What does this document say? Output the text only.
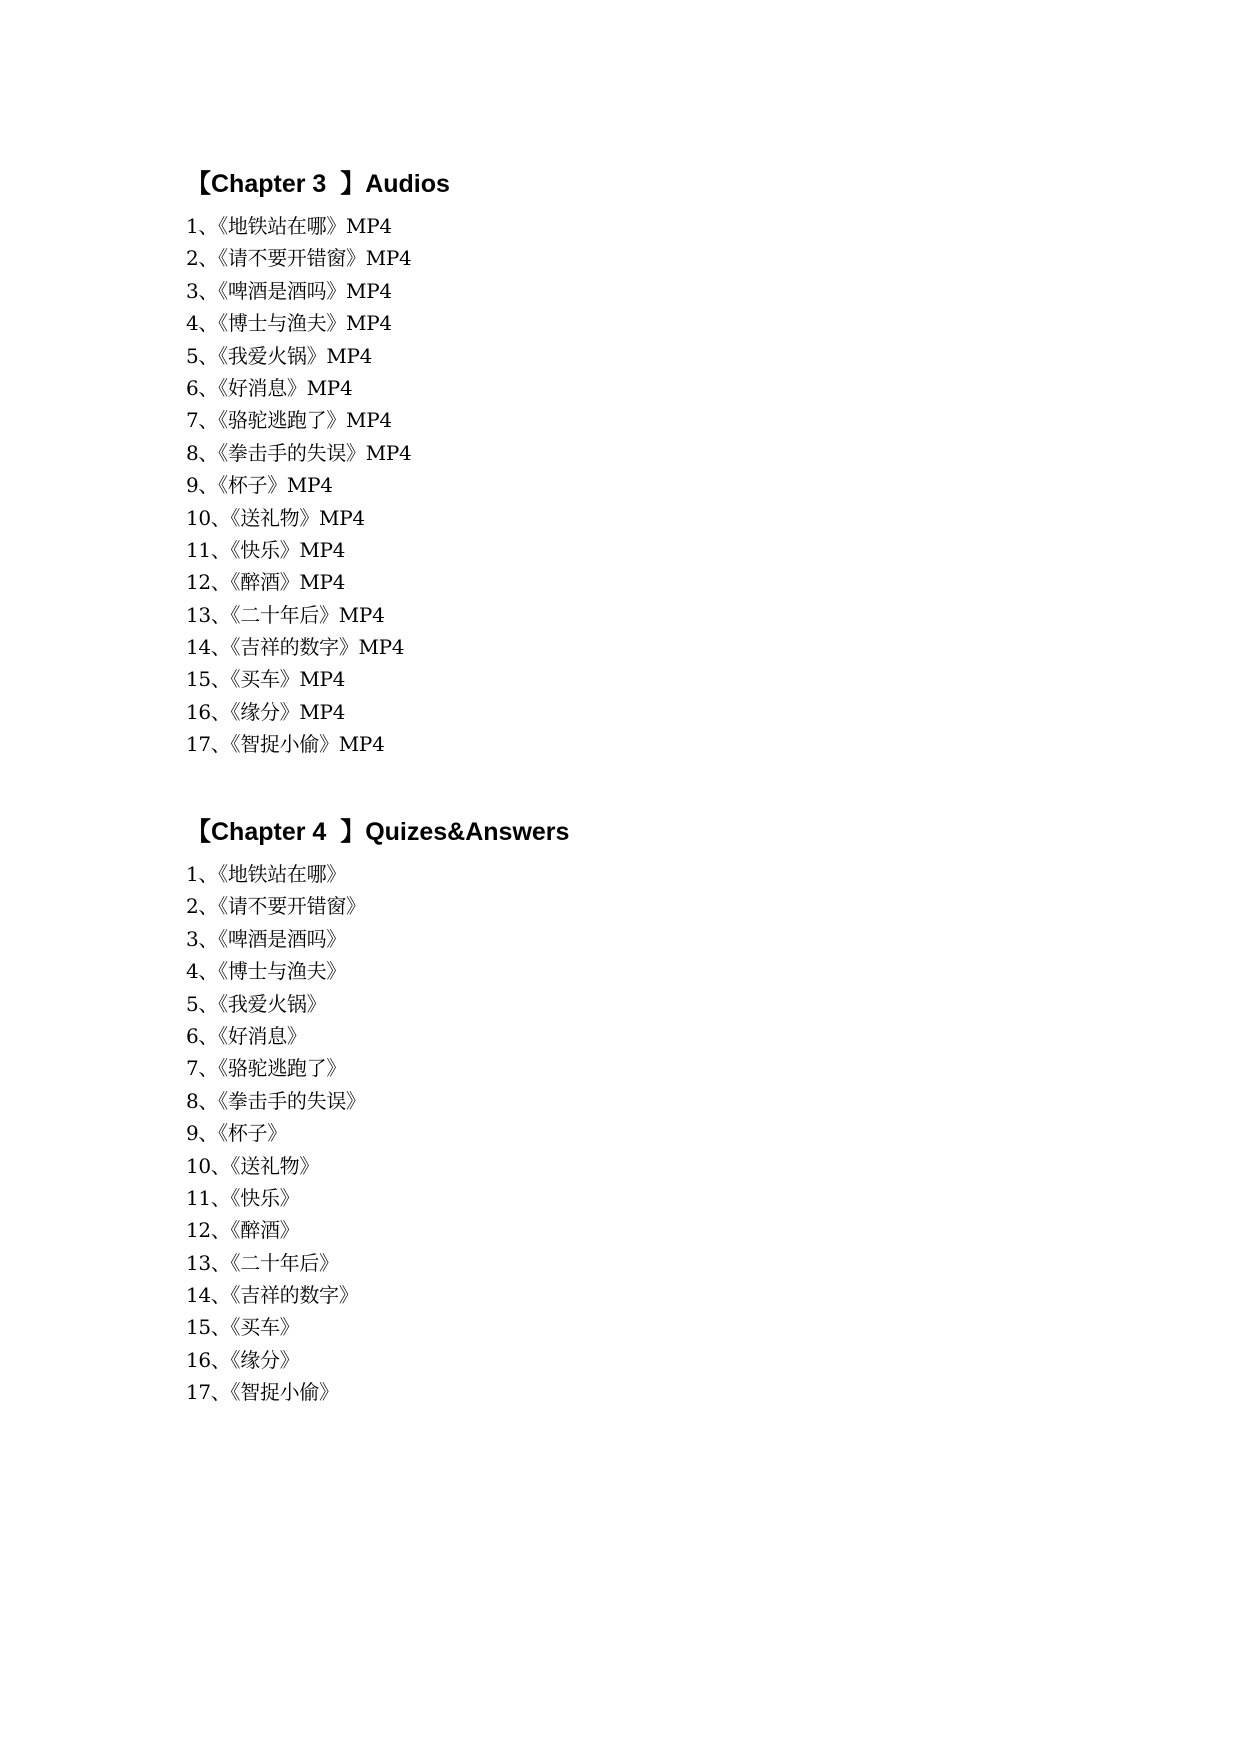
【Chapter 3  】Audios
1、《地铁站在哪》MP4
2、《请不要开错窗》MP4
3、《啤酒是酒吗》MP4
4、《博士与渔夫》MP4
5、《我爱火锅》MP4
6、《好消息》MP4
7、《骆驼逃跑了》MP4
8、《拳击手的失误》MP4
9、《杯子》MP4
10、《送礼物》MP4
11、《快乐》MP4
12、《醉酒》MP4
13、《二十年后》MP4
14、《吉祥的数字》MP4
15、《买车》MP4
16、《缘分》MP4
17、《智捉小偷》MP4
【Chapter 4  】Quizes&Answers
1、《地铁站在哪》
2、《请不要开错窗》
3、《啤酒是酒吗》
4、《博士与渔夫》
5、《我爱火锅》
6、《好消息》
7、《骆驼逃跑了》
8、《拳击手的失误》
9、《杯子》
10、《送礼物》
11、《快乐》
12、《醉酒》
13、《二十年后》
14、《吉祥的数字》
15、《买车》
16、《缘分》
17、《智捉小偷》
